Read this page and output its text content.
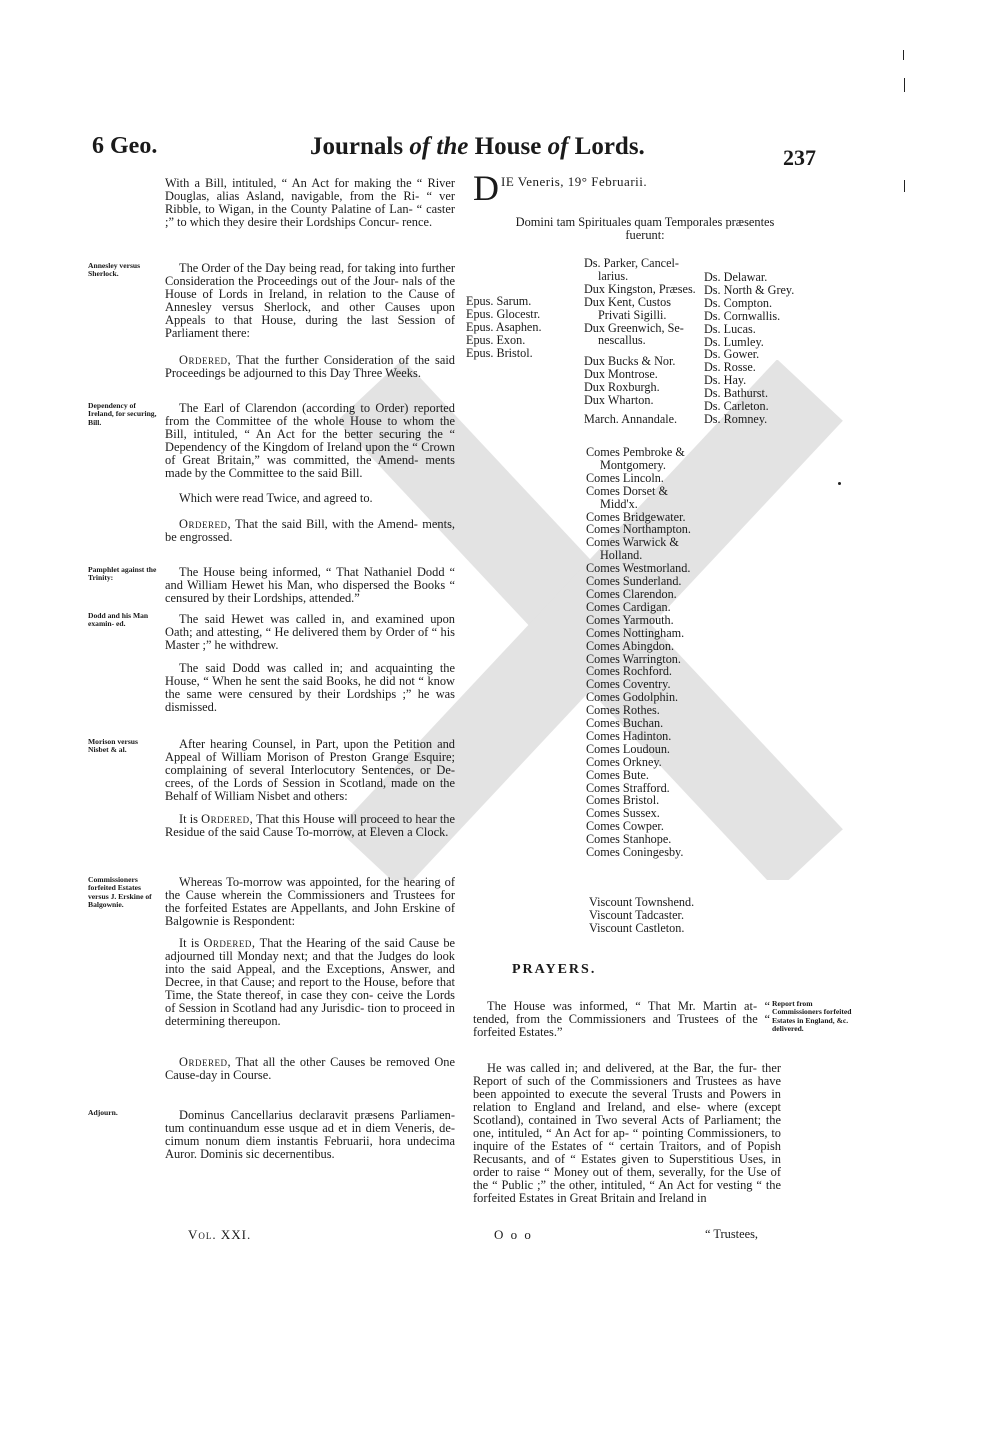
6 Geo.	Journals of the House of Lords.	237

With a Bill, intituled, “ An Act for making the “ River Douglas, alias Asland, navigable, from the Ri- “ ver Ribble, to Wigan, in the County Palatine of Lan- “ caster ;” to which they desire their Lordships Concur- rence.

Annesley versus Sherlock.	The Order of the Day being read, for taking into further Consideration the Proceedings out of the Jour- nals of the House of Lords in Ireland, in relation to the Cause of Annesley versus Sherlock, and other Causes upon Appeals to that House, during the last Session of Parliament there:

Ordered, That the further Consideration of the said Proceedings be adjourned to this Day Three Weeks.

Dependency of Ireland, for securing, Bill.

The Earl of Clarendon (according to Order) reported from the Committee of the whole House to whom the Bill, intituled, “ An Act for the better securing the “ Dependency of the Kingdom of Ireland upon the “ Crown of Great Britain,” was committed, the Amend- ments made by the Committee to the said Bill.

Which were read Twice, and agreed to.

Ordered, That the said Bill, with the Amend- ments, be engrossed.

Pamphlet against the Trinity:	The House being informed, “ That Nathaniel Dodd “ and William Hewet his Man, who dispersed the Books “ censured by their Lordships, attended.”

Dodd and his Man examin- ed.	The said Hewet was called in, and examined upon Oath; and attesting, “ He delivered them by Order of “ his Master ;” he withdrew.

The said Dodd was called in; and acquainting the House, “ When he sent the said Books, he did not “ know the same were censured by their Lordships ;” he was dismissed.

Morison versus Nisbet & al.	After hearing Counsel, in Part, upon the Petition and Appeal of William Morison of Preston Grange Esquire; complaining of several Interlocutory Sentences, or De- crees, of the Lords of Session in Scotland, made on the Behalf of William Nisbet and others:

It is Ordered, That this House will proceed to hear the Residue of the said Cause To-morrow, at Eleven a Clock.

Commissioners forfeited Estates versus J. Erskine of Balgownie.

Whereas To-morrow was appointed, for the hearing of the Cause wherein the Commissioners and Trustees for the forfeited Estates are Appellants, and John Erskine of Balgownie is Respondent:

It is Ordered, That the Hearing of the said Cause be adjourned till Monday next; and that the Judges do look into the said Appeal, and the Exceptions, Answer, and Decree, in that Cause; and report to the House, before that Time, the State thereof, in case they con- ceive the Lords of Session in Scotland had any Jurisdic- tion to proceed in determining thereupon.

Ordered, That all the other Causes be removed One Cause-day in Course.

Adjourn.	Dominus Cancellarius declaravit præsens Parliamen- tum continuandum esse usque ad et in diem Veneris, de- cimum nonum diem instantis Februarii, hora undecima Auror. Dominis sic decernentibus.

DIE Veneris, 19° Februarii.
Domini tam Spirituales quam Temporales præsentes
fuerunt:
Epus. Sarum.
Epus. Glocestr.
Epus. Asaphen.
Epus. Exon.
Epus. Bristol.
Ds. Parker, Cancel-
larius.
Dux Kingston, Præses.
Dux Kent, Custos
Privati Sigilli.
Dux Greenwich, Se-
nescallus.
Dux Bucks & Nor.
Dux Montrose.
Dux Roxburgh.
Dux Wharton.
March. Annandale.
Ds. Delawar.
Ds. North & Grey.
Ds. Compton.
Ds. Cornwallis.
Ds. Lucas.
Ds. Lumley.
Ds. Gower.
Ds. Rosse.
Ds. Hay.
Ds. Bathurst.
Ds. Carleton.
Ds. Romney.
Comes Pembroke &
Montgomery.
Comes Lincoln.
Comes Dorset &
Midd'x.
Comes Bridgewater.
Comes Northampton.
Comes Warwick &
Holland.
Comes Westmorland.
Comes Sunderland.
Comes Clarendon.
Comes Cardigan.
Comes Yarmouth.
Comes Nottingham.
Comes Abingdon.
Comes Warrington.
Comes Rochford.
Comes Coventry.
Comes Godolphin.
Comes Rothes.
Comes Buchan.
Comes Hadinton.
Comes Loudoun.
Comes Orkney.
Comes Bute.
Comes Strafford.
Comes Bristol.
Comes Sussex.
Comes Cowper.
Comes Stanhope.
Comes Coningesby.
Viscount Townshend.
Viscount Tadcaster.
Viscount Castleton.
PRAYERS.

The House was informed, “ That Mr. Martin at- “ tended, from the Commissioners and Trustees of the “ forfeited Estates.”

Report from Commissioners forfeited Estates in England, &c. delivered.

He was called in; and delivered, at the Bar, the fur- ther Report of such of the Commissioners and Trustees as have been appointed to execute the several Trusts and Powers in relation to England and Ireland, and else- where (except Scotland), contained in Two several Acts of Parliament; the one, intituled, “ An Act for ap- “ pointing Commissioners, to inquire of the Estates of “ certain Traitors, and of Popish Recusants, and of “ Estates given to Superstitious Uses, in order to raise “ Money out of them, severally, for the Use of the “ Public ;” the other, intituled, “ An Act for vesting “ the forfeited Estates in Great Britain and Ireland in

Vol. XXI.	O o o	“ Trustees,
